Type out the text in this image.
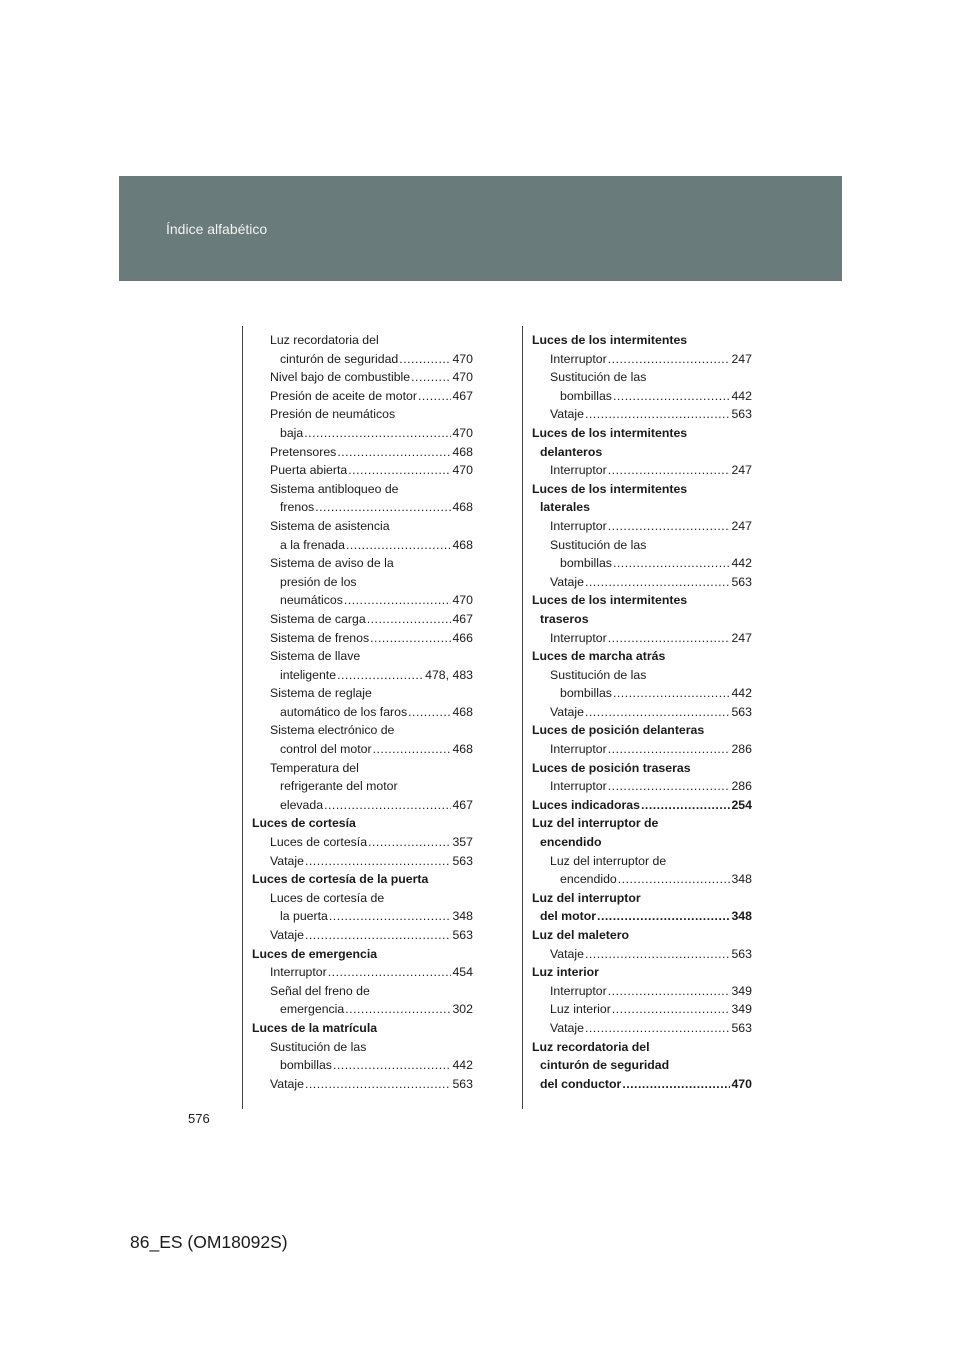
Índice alfabético
Luz recordatoria del
cinturón de seguridad .....	470
Nivel bajo de combustible .....	470
Presión de aceite de motor .....	467
Presión de neumáticos
baja .....	470
Pretensores .....	468
Puerta abierta .....	470
Sistema antibloqueo de
frenos .....	468
Sistema de asistencia
a la frenada .....	468
Sistema de aviso de la
presión de los
neumáticos .....	470
Sistema de carga .....	467
Sistema de frenos .....	466
Sistema de llave
inteligente .....	478, 483
Sistema de reglaje
automático de los faros .....	468
Sistema electrónico de
control del motor .....	468
Temperatura del
refrigerante del motor
elevada .....	467
Luces de cortesía
Luces de cortesía .....	357
Vataje .....	563
Luces de cortesía de la puerta
Luces de cortesía de
la puerta .....	348
Vataje .....	563
Luces de emergencia
Interruptor .....	454
Señal del freno de
emergencia .....	302
Luces de la matrícula
Sustitución de las
bombillas .....	442
Vataje .....	563
Luces de los intermitentes
Interruptor .....	247
Sustitución de las
bombillas .....	442
Vataje .....	563
Luces de los intermitentes
delanteros
Interruptor .....	247
Luces de los intermitentes
laterales
Interruptor .....	247
Sustitución de las
bombillas .....	442
Vataje .....	563
Luces de los intermitentes
traseros
Interruptor .....	247
Luces de marcha atrás
Sustitución de las
bombillas .....	442
Vataje .....	563
Luces de posición delanteras
Interruptor .....	286
Luces de posición traseras
Interruptor .....	286
Luces indicadoras .....	254
Luz del interruptor de
encendido
Luz del interruptor de
encendido .....	348
Luz del interruptor
del motor .....	348
Luz del maletero
Vataje .....	563
Luz interior
Interruptor .....	349
Luz interior .....	349
Vataje .....	563
Luz recordatoria del
cinturón de seguridad
del conductor .....	470
576
86_ES (OM18092S)
